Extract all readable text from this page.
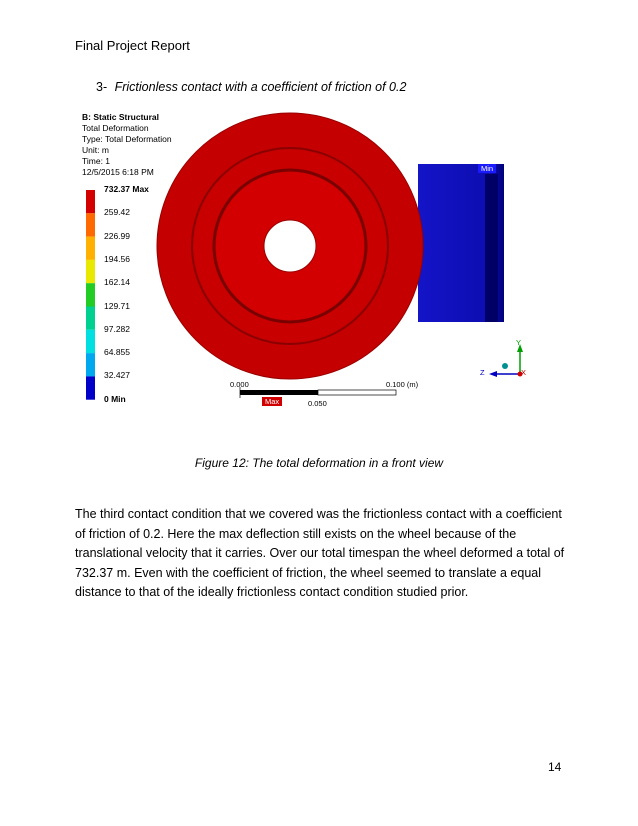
Final Project Report
3- Frictionless contact with a coefficient of friction of 0.2
B: Static Structural
Total Deformation
Type: Total Deformation
Unit: m
Time: 1
12/5/2015 6:18 PM
732.37 Max
259.42
226.99
194.56
162.14
129.71
97.282
64.855
32.427
0 Min
0.000	0.100 (m)
0.050
Max
Min
Y
Z	X
Figure 12: The total deformation in a front view
The third contact condition that we covered was the frictionless contact with a coefficient of friction of 0.2. Here the max deflection still exists on the wheel because of the translational velocity that it carries. Over our total timespan the wheel deformed a total of 732.37 m. Even with the coefficient of friction, the wheel seemed to translate a equal distance to that of the ideally frictionless contact condition studied prior.
14
